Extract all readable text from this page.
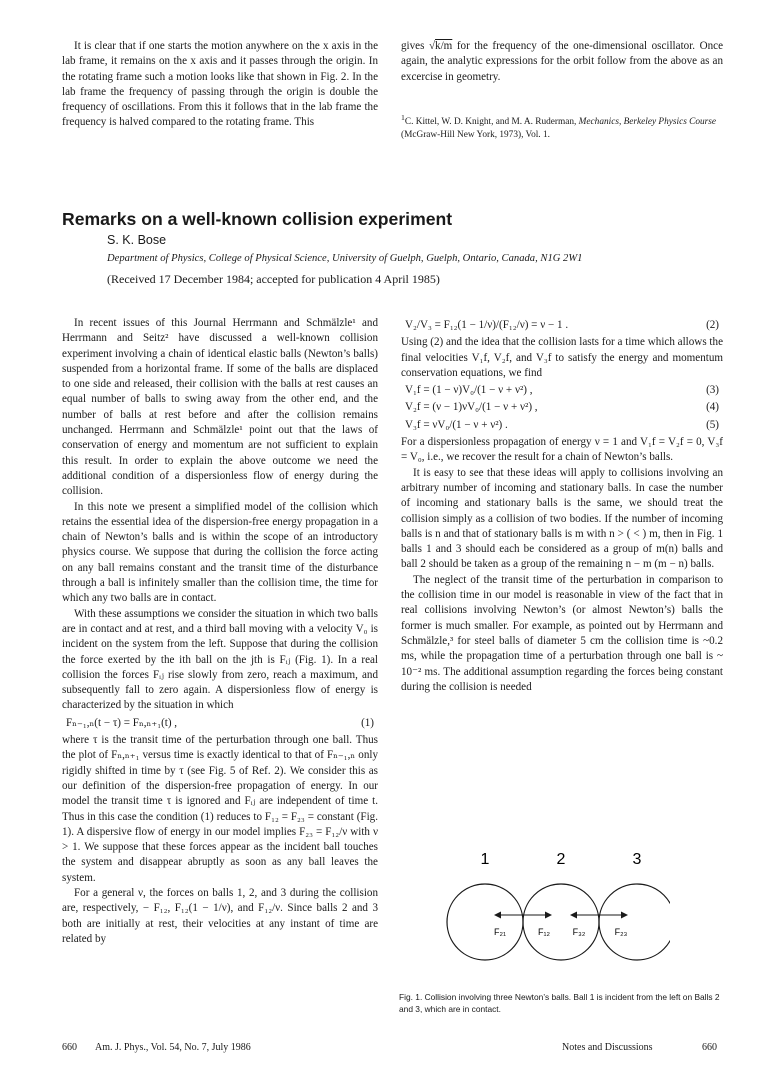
It is clear that if one starts the motion anywhere on the x axis in the lab frame, it remains on the x axis and it passes through the origin. In the rotating frame such a motion looks like that shown in Fig. 2. In the lab frame the frequency of passing through the origin is double the frequency of oscillations. From this it follows that in the lab frame the frequency is halved compared to the rotating frame. This

gives √k/m for the frequency of the one-dimensional oscillator. Once again, the analytic expressions for the orbit follow from the above as an excercise in geometry.

$^1$C. Kittel, W. D. Knight, and M. A. Ruderman, Mechanics, Berkeley Physics Course (McGraw-Hill New York, 1973), Vol. 1.
Remarks on a well-known collision experiment
S. K. Bose
Department of Physics, College of Physical Science, University of Guelph, Guelph, Ontario, Canada, N1G 2W1
(Received 17 December 1984; accepted for publication 4 April 1985)

In recent issues of this Journal Herrmann and Schmälzle¹ and Herrmann and Seitz² have discussed a well-known collision experiment involving a chain of identical elastic balls (Newton’s balls) suspended from a horizontal frame. If some of the balls are displaced to one side and released, their collision with the balls at rest causes an equal number of balls to swing away from the other end, and the number of balls at rest before and after the collision remains unchanged. Herrmann and Schmälzle¹ point out that the laws of conservation of energy and momentum are not sufficient to explain this result. In order to explain the above outcome we need the additional condition of a dispersionless flow of energy during the collision.

In this note we present a simplified model of the collision which retains the essential idea of the dispersion-free energy propagation in a chain of Newton’s balls and is within the scope of an introductory physics course. We suppose that during the collision the force acting on any ball remains constant and the transit time of the disturbance through a ball is infinitely smaller than the collision time, the time for which any two balls are in contact.

With these assumptions we consider the situation in which two balls are in contact and at rest, and a third ball moving with a velocity V₀ is incident on the system from the left. Suppose that during the collision the force exerted by the ith ball on the jth is Fᵢⱼ (Fig. 1). In a real collision the forces Fᵢⱼ rise slowly from zero, reach a maximum, and subsequently fall to zero again. A dispersionless flow of energy is characterized by the situation in which

Fₙ₋₁,ₙ(t − τ) = Fₙ,ₙ₊₁(t) ,	(1)

where τ is the transit time of the perturbation through one ball. Thus the plot of Fₙ,ₙ₊₁ versus time is exactly identical to that of Fₙ₋₁,ₙ only rigidly shifted in time by τ (see Fig. 5 of Ref. 2). We consider this as our definition of the dispersion-free propagation of energy. In our model the transit time τ is ignored and Fᵢⱼ are independent of time t. Thus in this case the condition (1) reduces to F₁₂ = F₂₃ = constant (Fig. 1). A dispersive flow of energy in our model implies F₂₃ = F₁₂/ν with ν > 1. We suppose that these forces appear as the incident ball touches the system and disappear abruptly as soon as any ball leaves the system.

For a general ν, the forces on balls 1, 2, and 3 during the collision are, respectively, − F₁₂, F₁₂(1 − 1/ν), and F₁₂/ν. Since balls 2 and 3 both are initially at rest, their velocities at any instant of time are related by

V₂/V₃ = F₁₂(1 − 1/ν)/(F₁₂/ν) = ν − 1 .	(2)

Using (2) and the idea that the collision lasts for a time which allows the final velocities V₁f, V₂f, and V₃f to satisfy the energy and momentum conservation equations, we find

V₁f = (1 − ν)V₀/(1 − ν + ν²) ,	(3)
V₂f = (ν − 1)νV₀/(1 − ν + ν²) ,	(4)
V₃f = νV₀/(1 − ν + ν²) .	(5)

For a dispersionless propagation of energy ν = 1 and V₁f = V₂f = 0, V₃f = V₀, i.e., we recover the result for a chain of Newton’s balls.

It is easy to see that these ideas will apply to collisions involving an arbitrary number of incoming and stationary balls. In case the number of incoming and stationary balls is the same, we should treat the collision simply as a collision of two bodies. If the number of incoming balls is n and that of stationary balls is m with n > ( < ) m, then in Fig. 1 balls 1 and 3 should each be considered as a group of m(n) balls and ball 2 should be taken as a group of the remaining n − m (m − n) balls.

The neglect of the transit time of the perturbation in comparison to the collision time in our model is reasonable in view of the fact that in real collisions involving Newton’s (or almost Newton’s) balls the former is much smaller. For example, as pointed out by Herrmann and Schmälzle,³ for steel balls of diameter 5 cm the collision time is ~0.2 ms, while the propagation time of a perturbation through one ball is ~ 10⁻² ms. The additional assumption regarding the forces being constant during the collision is needed

1	2	3
F₂₁	F₁₂	F₃₂	F₂₃
Fig. 1. Collision involving three Newton’s balls. Ball 1 is incident from the left on Balls 2 and 3, which are in contact.
660 Am. J. Phys., Vol. 54, No. 7, July 1986	Notes and Discussions	660
